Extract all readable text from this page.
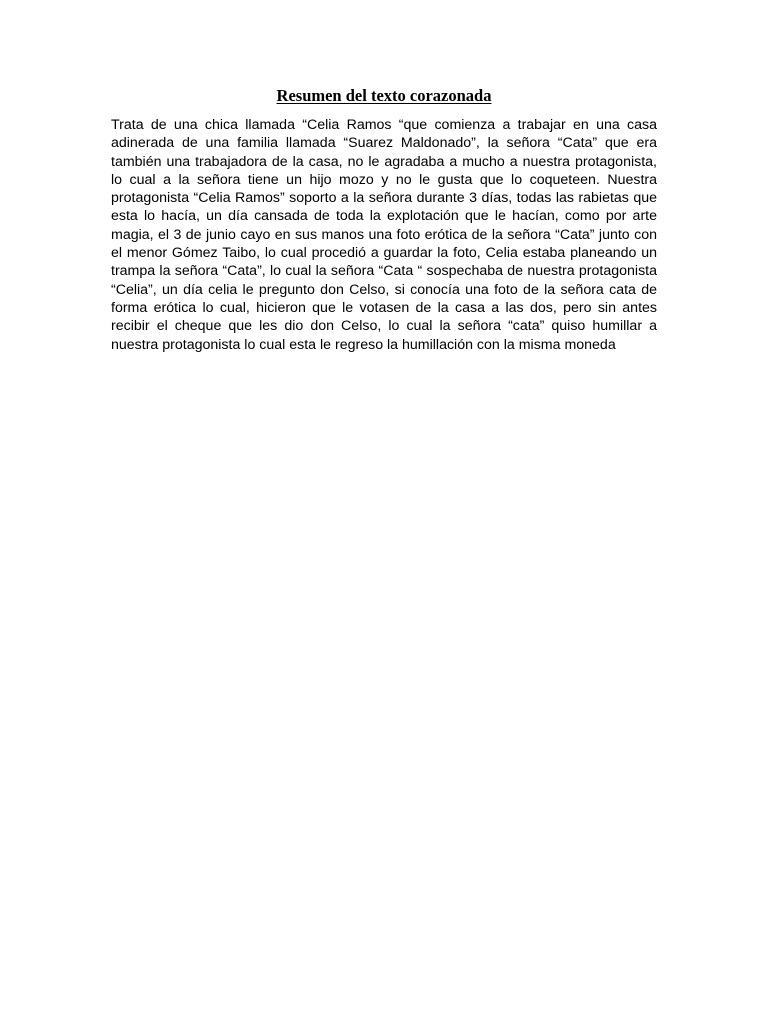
Resumen del texto corazonada

Trata de una chica llamada “Celia Ramos “que comienza a trabajar en una casa adinerada de una familia llamada “Suarez Maldonado”, la señora “Cata” que era también una trabajadora de la casa, no le agradaba a mucho a nuestra protagonista, lo cual a la señora tiene un hijo mozo y no le gusta que lo coqueteen. Nuestra protagonista “Celia Ramos” soporto a la señora durante 3 días, todas las rabietas que esta lo hacía, un día cansada de toda la explotación que le hacían, como por arte magia, el 3 de junio cayo en sus manos una foto erótica de la señora “Cata” junto con el menor Gómez Taibo, lo cual procedió a guardar la foto, Celia estaba planeando un trampa la señora “Cata”, lo cual la señora “Cata “ sospechaba de nuestra protagonista “Celia”, un día celia le pregunto don Celso, si conocía una foto de la señora cata de forma erótica lo cual, hicieron que le votasen de la casa a las dos, pero sin antes recibir el cheque que les dio don Celso, lo cual la señora “cata” quiso humillar a nuestra protagonista lo cual esta le regreso la humillación con la misma moneda
